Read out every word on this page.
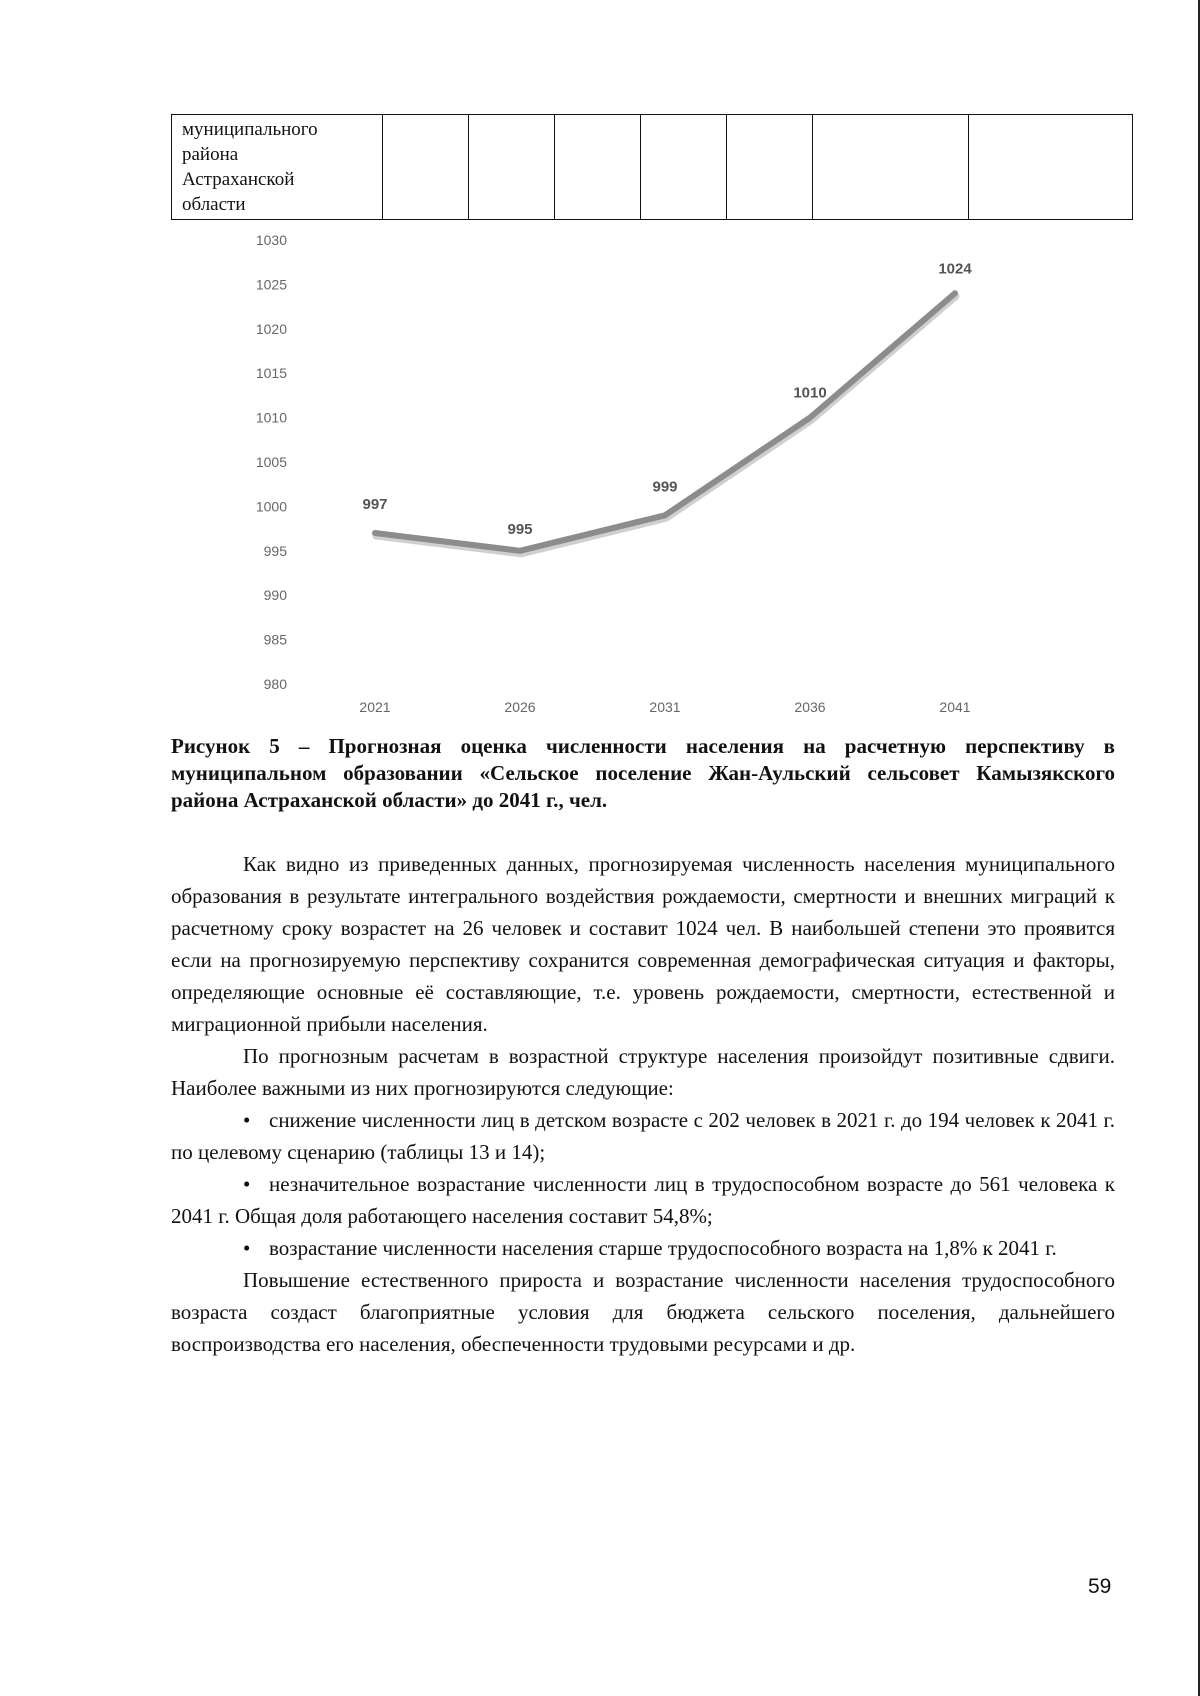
муниципального
района
Астраханской
области							
980
985
990
995
1000
1005
1010
1015
1020
1025
1030
2021	2026	2031	2036	2041
997
995
999
1010
1024
Рисунок 5 – Прогнозная оценка численности населения на расчетную перспективу в муниципальном образовании «Сельское поселение Жан-Аульский сельсовет Камызякского района Астраханской области» до 2041 г., чел.

Как видно из приведенных данных, прогнозируемая численность населения муниципального образования в результате интегрального воздействия рождаемости, смертности и внешних миграций к расчетному сроку возрастет на 26 человек и составит 1024 чел. В наибольшей степени это проявится если на прогнозируемую перспективу сохранится современная демографическая ситуация и факторы, определяющие основные её составляющие, т.е. уровень рождаемости, смертности, естественной и миграционной прибыли населения.

По прогнозным расчетам в возрастной структуре населения произойдут позитивные сдвиги. Наиболее важными из них прогнозируются следующие:

• снижение численности лиц в детском возрасте с 202 человек в 2021 г. до 194 человек к 2041 г. по целевому сценарию (таблицы 13 и 14);

• незначительное возрастание численности лиц в трудоспособном возрасте до 561 человека к 2041 г. Общая доля работающего населения составит 54,8%;

• возрастание численности населения старше трудоспособного возраста на 1,8% к 2041 г.

Повышение естественного прироста и возрастание численности населения трудоспособного возраста создаст благоприятные условия для бюджета сельского поселения, дальнейшего воспроизводства его населения, обеспеченности трудовыми ресурсами и др.

59
